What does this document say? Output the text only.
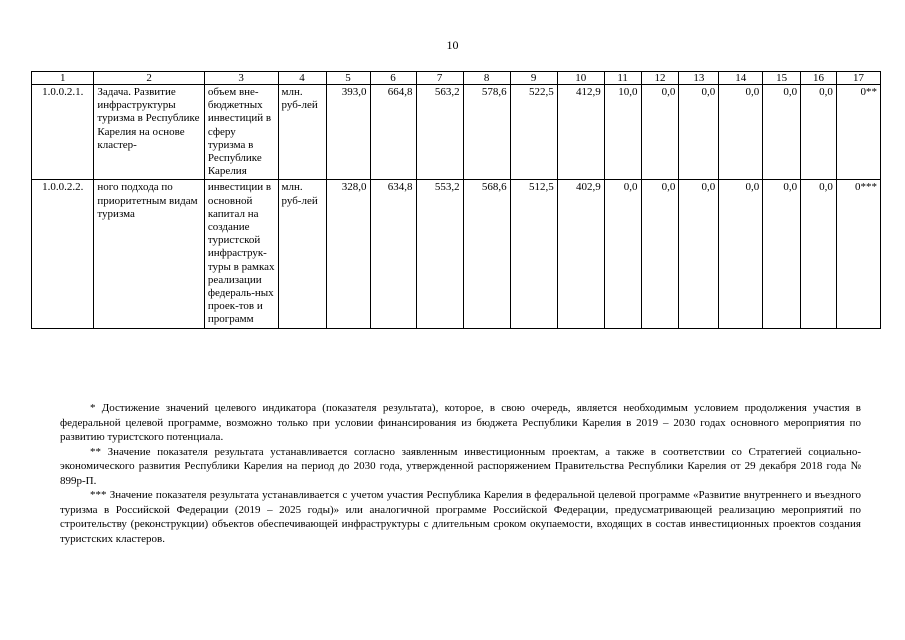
10
1	2	3	4	5	6	7	8	9	10	11	12	13	14	15	16	17
1.0.0.2.1.	Задача. Развитие инфраструктуры туризма в Республике Карелия на основе кластер-	объем вне-бюджетных инвестиций в сферу туризма в Республике Карелия	млн. руб-лей	393,0	664,8	563,2	578,6	522,5	412,9	10,0	0,0	0,0	0,0	0,0	0,0	0**
1.0.0.2.2.	ного подхода по приоритетным видам туризма	инвестиции в основной капитал на создание туристской инфраструк-туры в рамках реализации федераль-ных проек-тов и программ	млн. руб-лей	328,0	634,8	553,2	568,6	512,5	402,9	0,0	0,0	0,0	0,0	0,0	0,0	0***

* Достижение значений целевого индикатора (показателя результата), которое, в свою очередь, является необходимым условием продолжения участия в федеральной целевой программе, возможно только при условии финансирования из бюджета Республики Карелия в 2019 – 2030 годах основного мероприятия по развитию туристского потенциала.

** Значение показателя результата устанавливается согласно заявленным инвестиционным проектам, а также в соответствии со Стратегией социально-экономического развития Республики Карелия на период до 2030 года, утвержденной распоряжением Правительства Республики Карелия от 29 декабря 2018 года № 899р-П.

*** Значение показателя результата устанавливается с учетом участия Республика Карелия в федеральной целевой программе «Развитие внутреннего и въездного туризма в Российской Федерации (2019 – 2025 годы)» или аналогичной программе Российской Федерации, предусматривающей реализацию мероприятий по строительству (реконструкции) объектов обеспечивающей инфраструктуры с длительным сроком окупаемости, входящих в состав инвестиционных проектов создания туристских кластеров.
